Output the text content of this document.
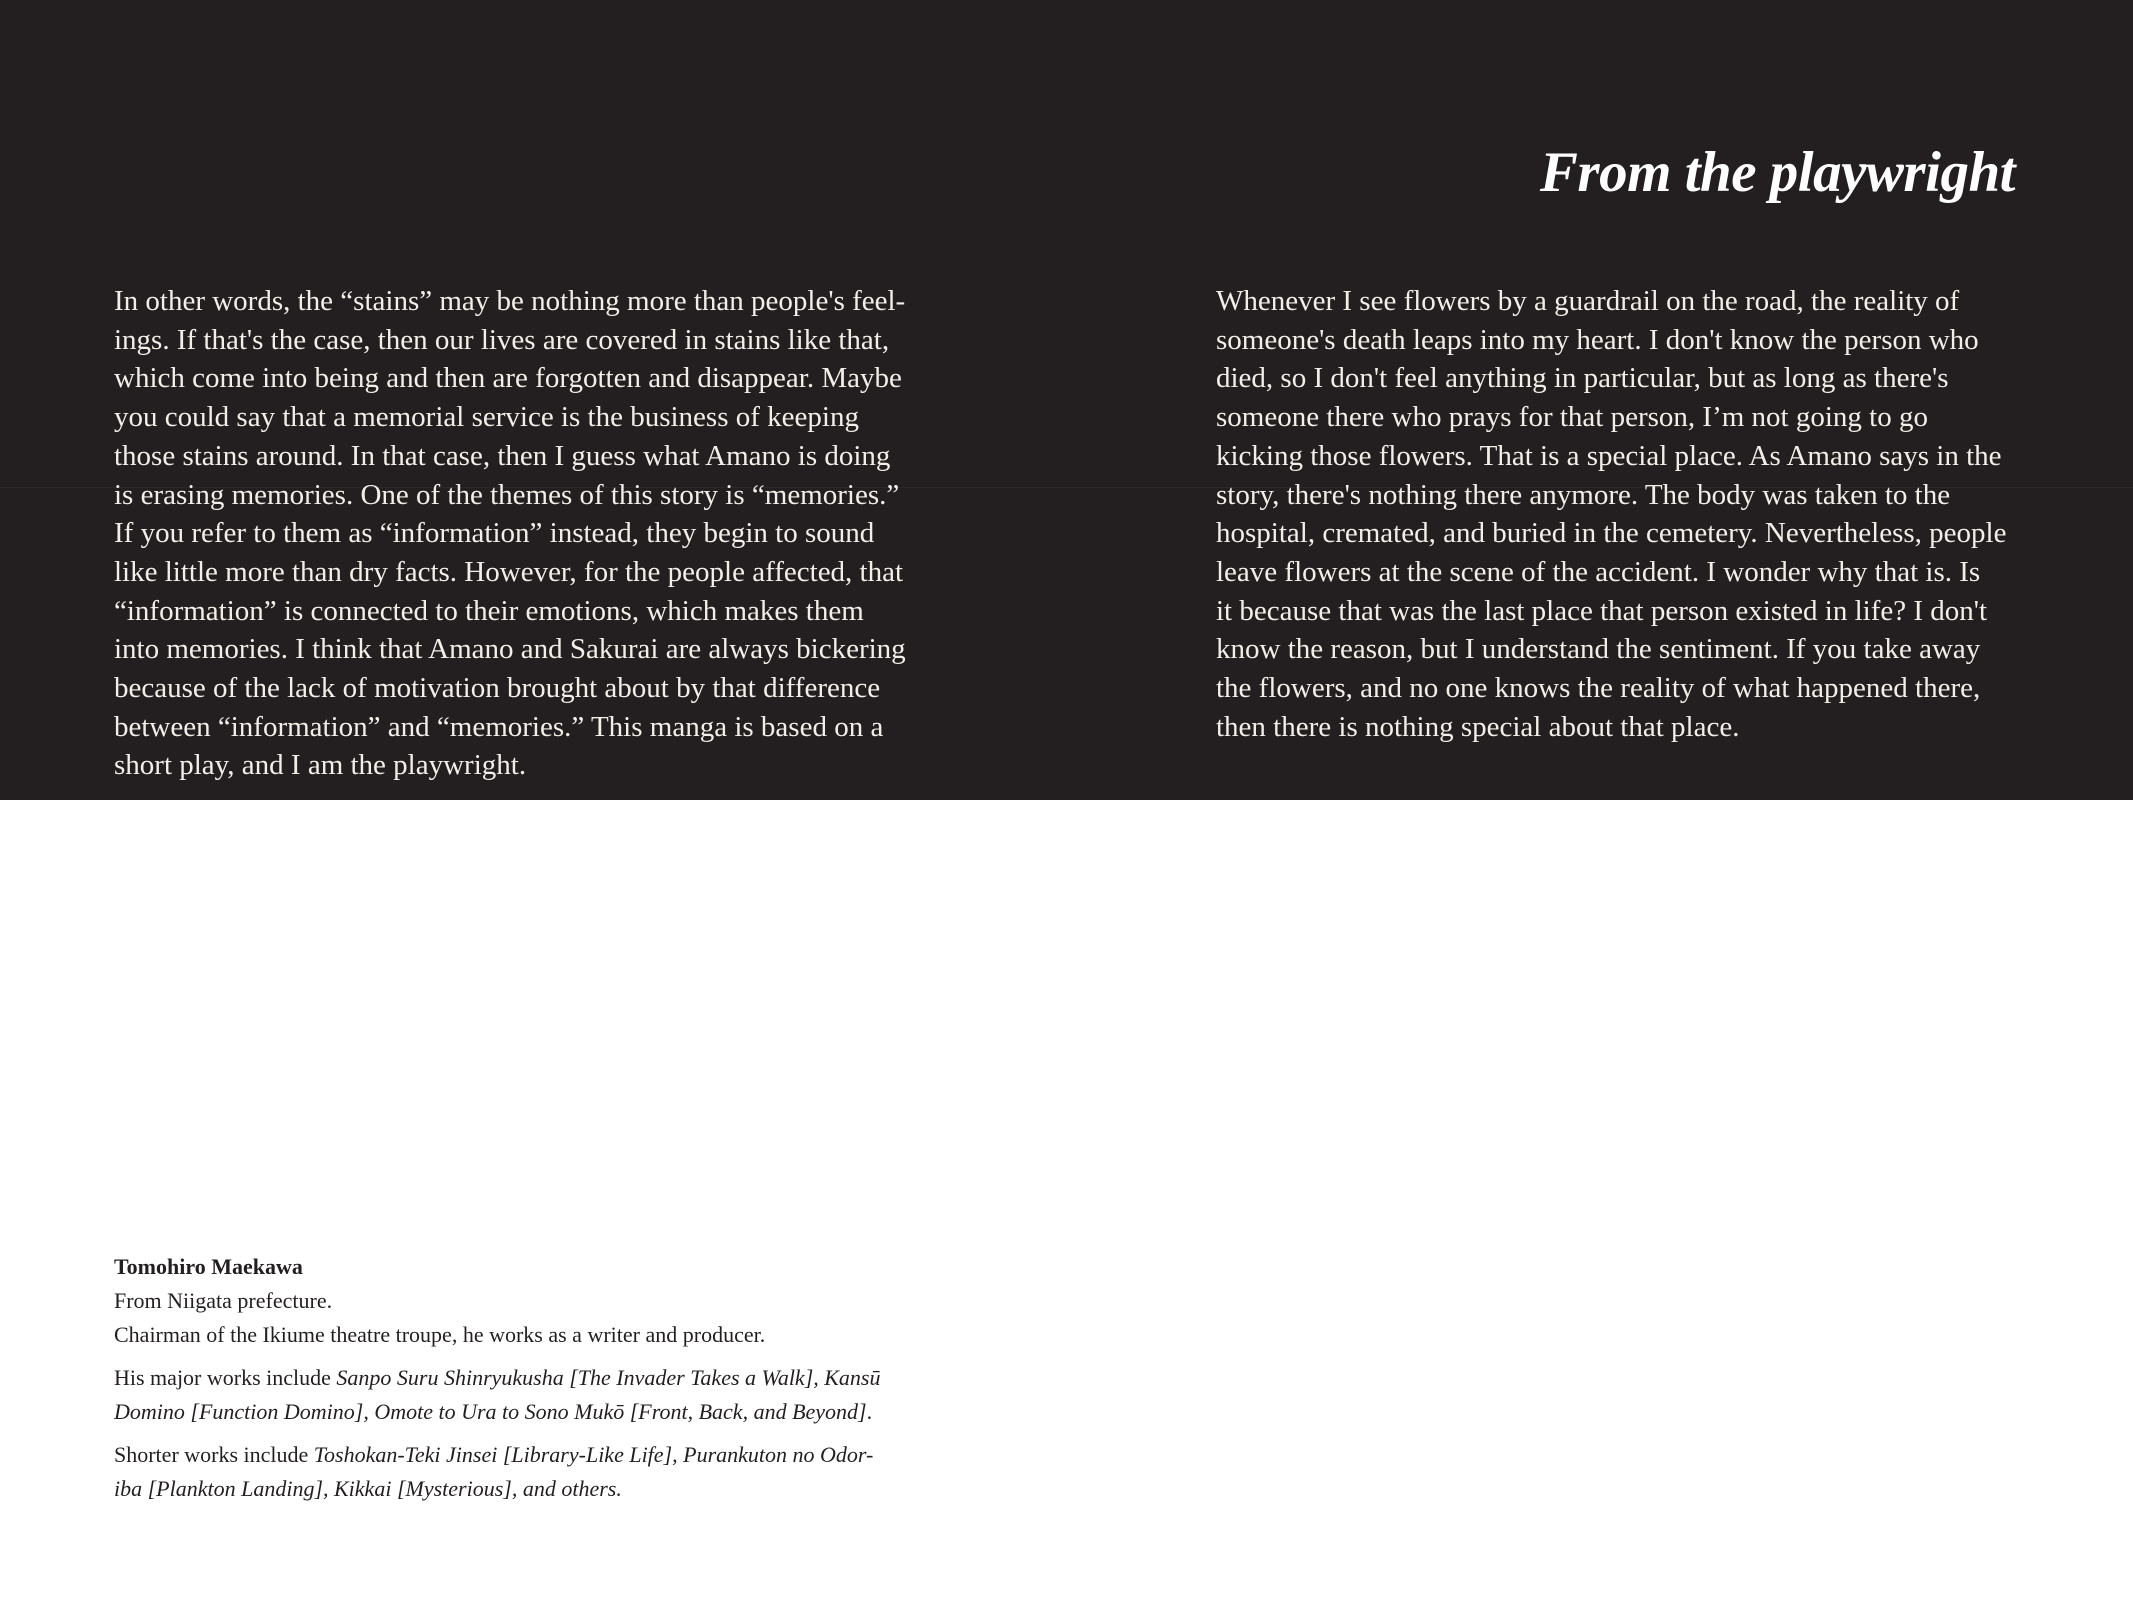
From the playwright
In other words, the “stains” may be nothing more than people's feel-
ings. If that's the case, then our lives are covered in stains like that,
which come into being and then are forgotten and disappear. Maybe
you could say that a memorial service is the business of keeping
those stains around. In that case, then I guess what Amano is doing
is erasing memories. One of the themes of this story is “memories.”
If you refer to them as “information” instead, they begin to sound
like little more than dry facts. However, for the people affected, that
“information” is connected to their emotions, which makes them
into memories. I think that Amano and Sakurai are always bickering
because of the lack of motivation brought about by that difference
between “information” and “memories.” This manga is based on a
short play, and I am the playwright.
Whenever I see flowers by a guardrail on the road, the reality of
someone's death leaps into my heart. I don't know the person who
died, so I don't feel anything in particular, but as long as there's
someone there who prays for that person, I’m not going to go
kicking those flowers. That is a special place. As Amano says in the
story, there's nothing there anymore. The body was taken to the
hospital, cremated, and buried in the cemetery. Nevertheless, people
leave flowers at the scene of the accident. I wonder why that is. Is
it because that was the last place that person existed in life? I don't
know the reason, but I understand the sentiment. If you take away
the flowers, and no one knows the reality of what happened there,
then there is nothing special about that place.

Tomohiro Maekawa

From Niigata prefecture.

Chairman of the Ikiume theatre troupe, he works as a writer and producer.

His major works include Sanpo Suru Shinryukusha [The Invader Takes a Walk], Kansū
Domino [Function Domino], Omote to Ura to Sono Mukō [Front, Back, and Beyond].

Shorter works include Toshokan-Teki Jinsei [Library-Like Life], Purankuton no Odor-
iba [Plankton Landing], Kikkai [Mysterious], and others.
